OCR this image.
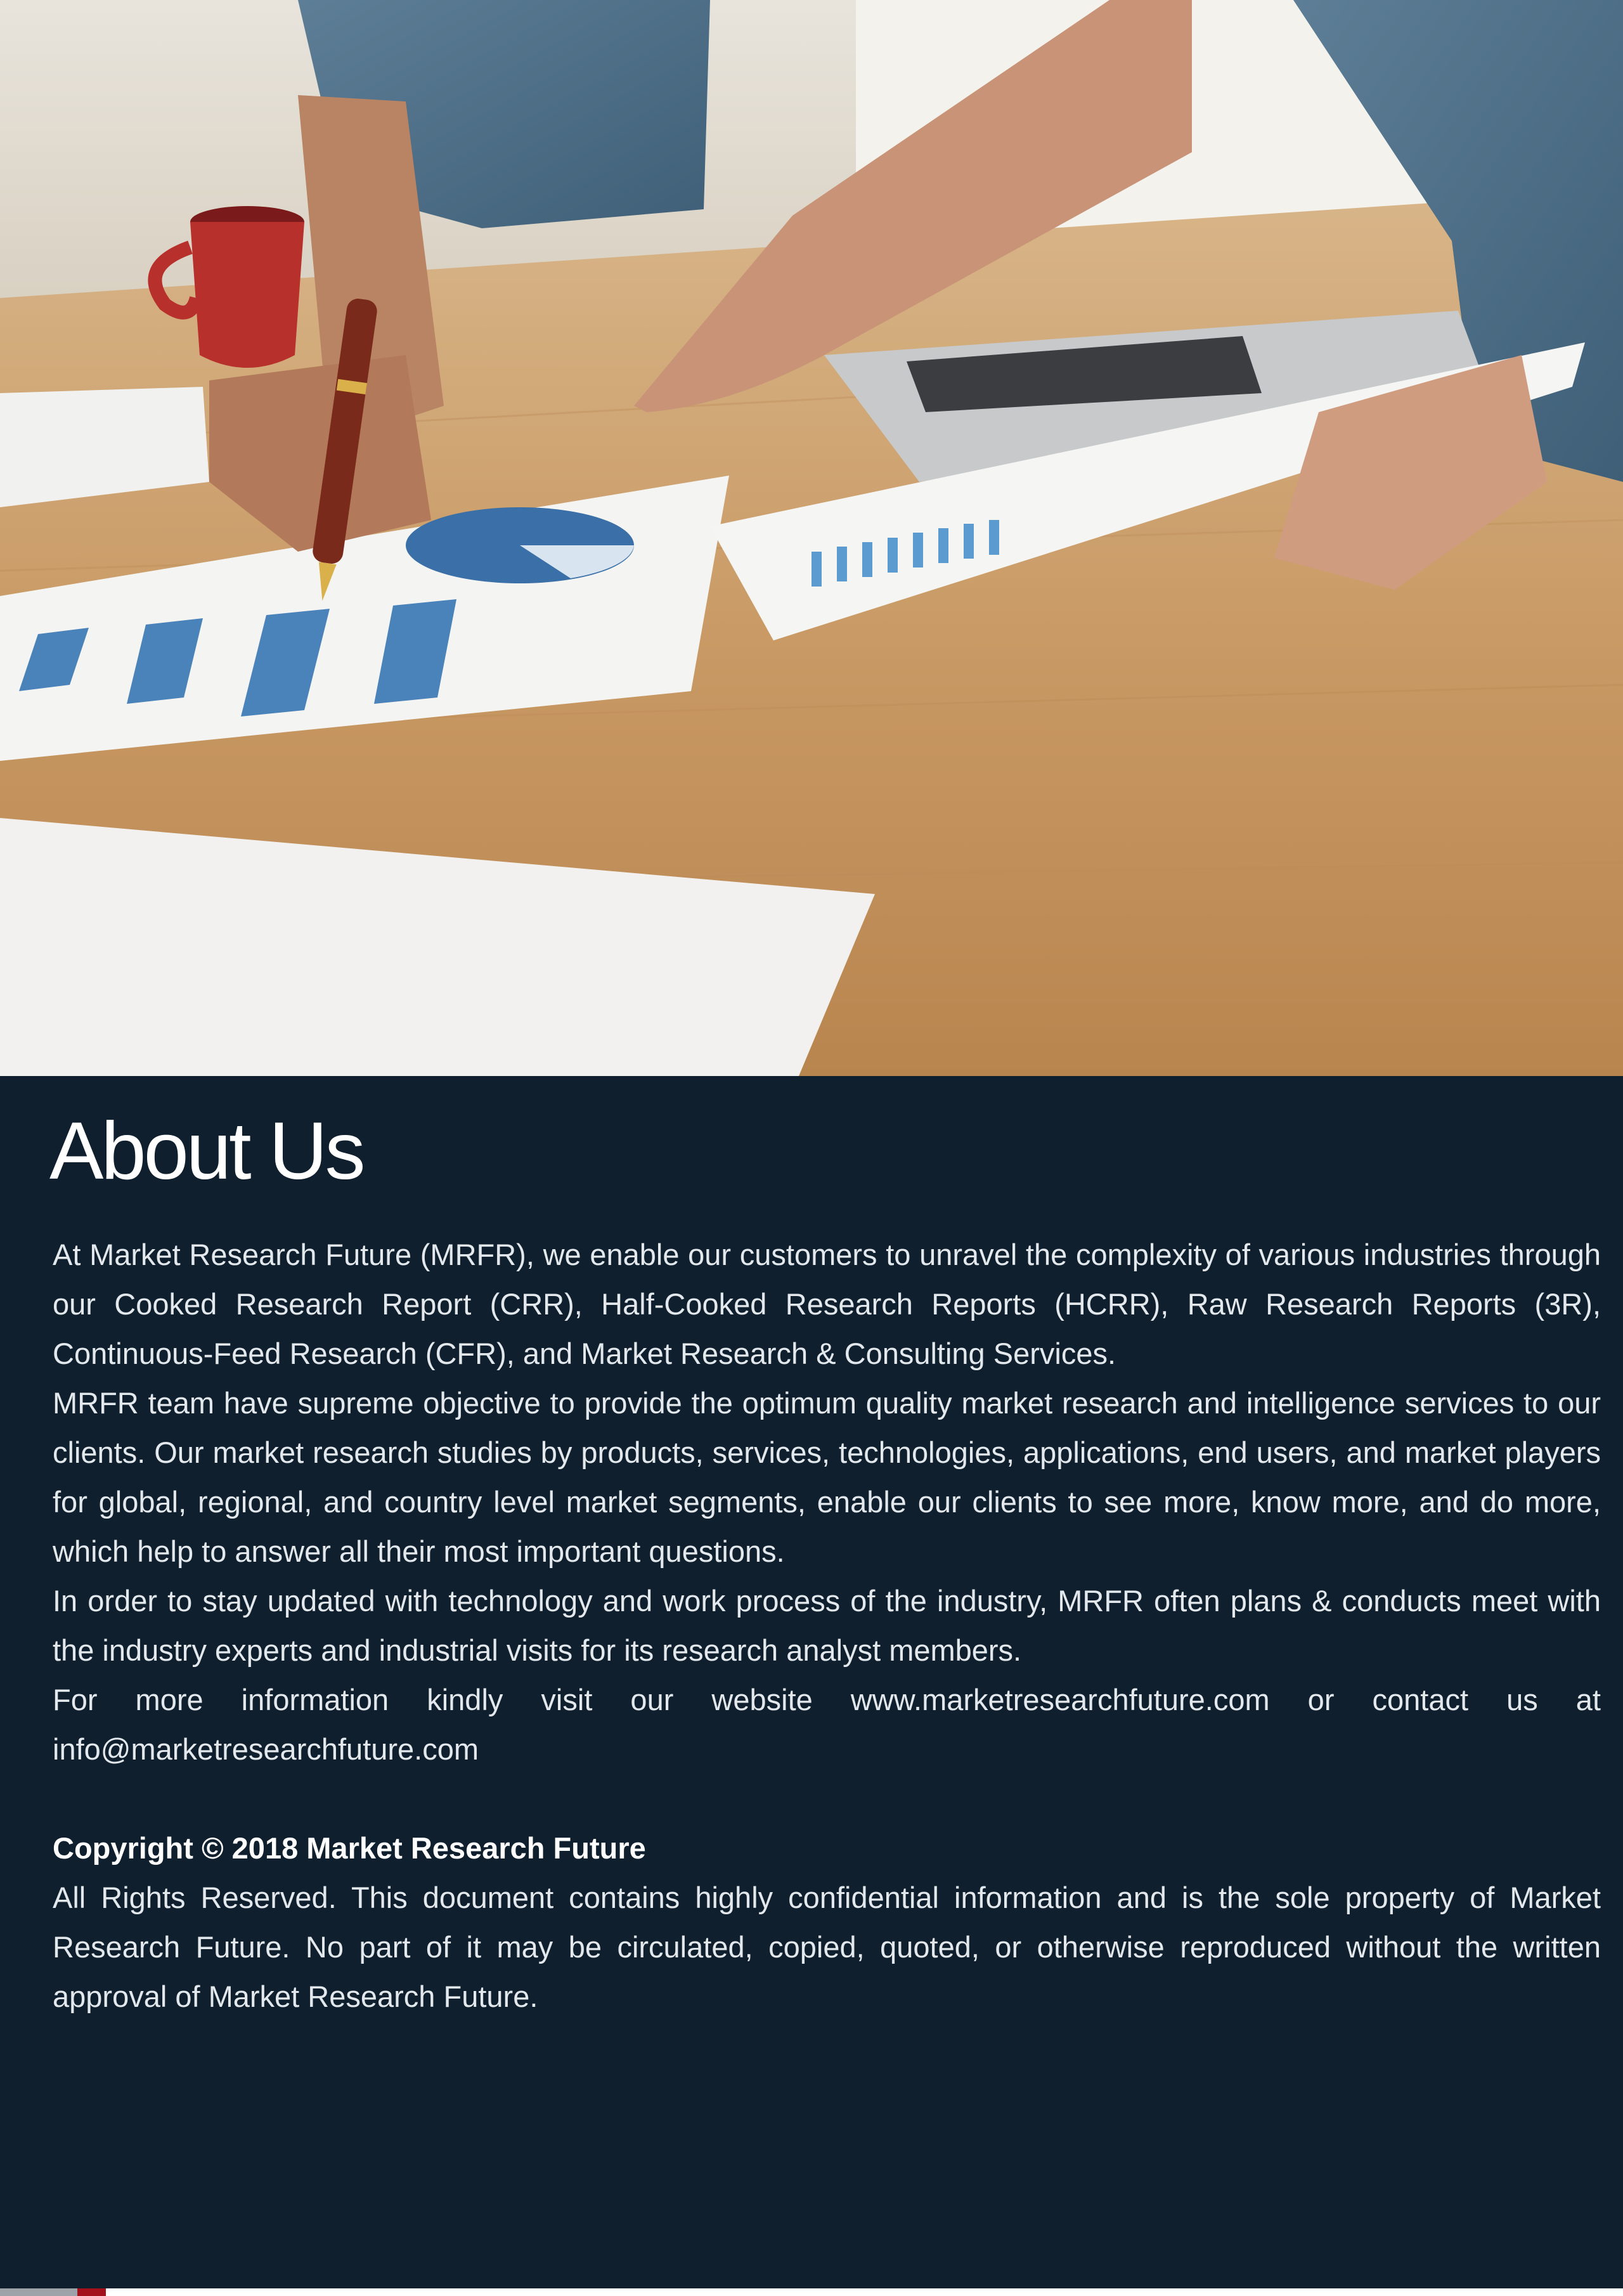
About Us

At Market Research Future (MRFR), we enable our customers to unravel the complexity of various industries through our Cooked Research Report (CRR), Half-Cooked Research Reports (HCRR), Raw Research Reports (3R), Continuous-Feed Research (CFR), and Market Research & Consulting Services.

MRFR team have supreme objective to provide the optimum quality market research and intelligence services to our clients. Our market research studies by products, services, technologies, applications, end users, and market players for global, regional, and country level market segments, enable our clients to see more, know more, and do more, which help to answer all their most important questions.

In order to stay updated with technology and work process of the industry, MRFR often plans & conducts meet with the industry experts and industrial visits for its research analyst members.

For more information kindly visit our website www.marketresearchfuture.com or contact us at info@marketresearchfuture.com

Copyright © 2018 Market Research Future

All Rights Reserved. This document contains highly confidential information and is the sole property of Market Research Future. No part of it may be circulated, copied, quoted, or otherwise reproduced without the written approval of Market Research Future.
